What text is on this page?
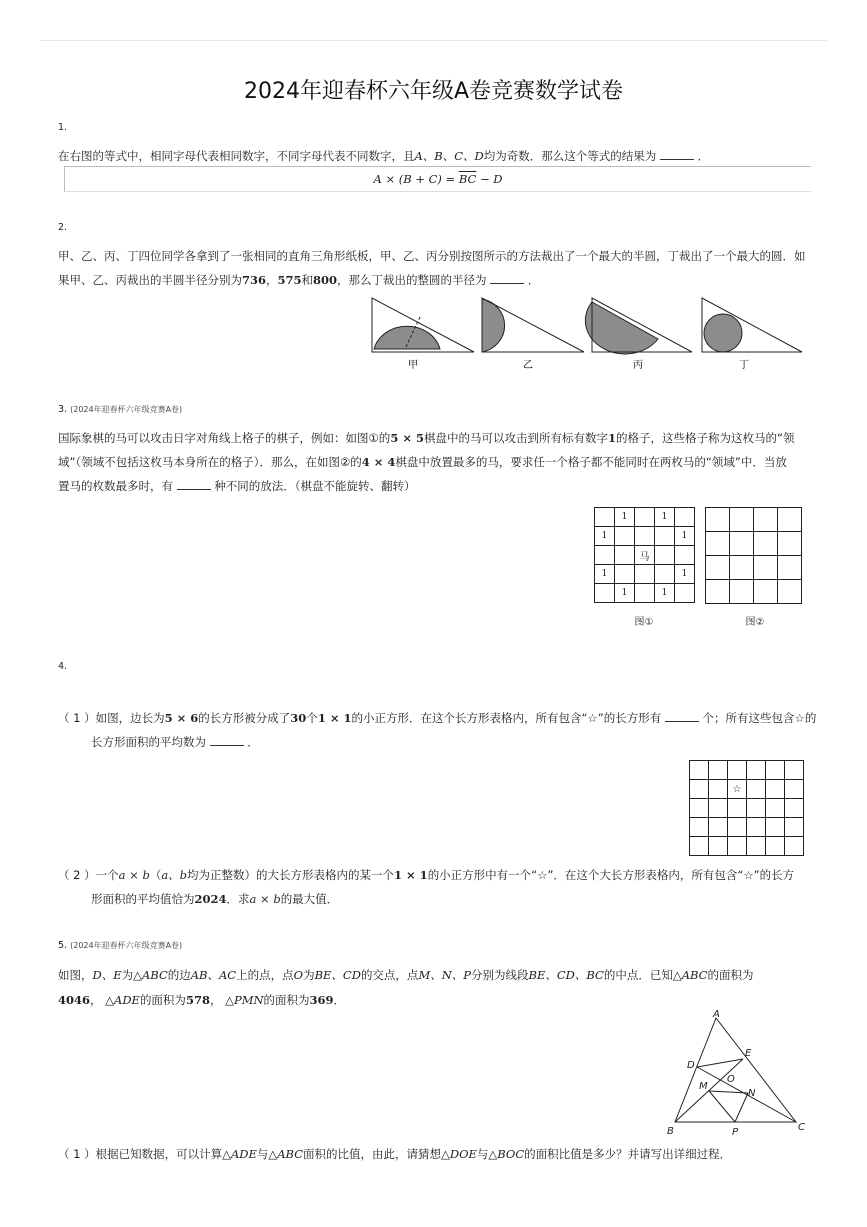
2024年迎春杯六年级A卷竞赛数学试卷
1.
在右图的等式中，相同字母代表相同数字，不同字母代表不同数字，且A、B、C、D均为奇数．那么这个等式的结果为	．
$A \times (B + C) = \overline{BC} - D$
2.
甲、乙、丙、丁四位同学各拿到了一张相同的直角三角形纸板，甲、乙、丙分别按图所示的方法裁出了一个最大的半圆，丁裁出了一个最大的圆．如
果甲、乙、丙裁出的半圆半径分别为736，575和800，那么丁裁出的整圆的半径为	．
甲	乙	丙	丁
3. (2024年迎春杯六年级竞赛A卷)
国际象棋的马可以攻击日字对角线上格子的棋子，例如：如图①的5 × 5棋盘中的马可以攻击到所有标有数字1的格子，这些格子称为这枚马的“领
域”（领域不包括这枚马本身所在的格子）．那么，在如图②的4 × 4棋盘中放置最多的马，要求任一个格子都不能同时在两枚马的“领域”中．当放
置马的枚数最多时，有	种不同的放法．（棋盘不能旋转、翻转）
	1		1	
1				1
		马		
1				1
	1		1	
图①

				图②
4.
（ 1 ）如图，边长为5 × 6的长方形被分成了30个1 × 1的小正方形．在这个长方形表格内，所有包含“☆”的长方形有	个；所有这些包含☆的
长方形面积的平均数为	．

		☆			

（ 2 ）一个a × b（a、b均为正整数）的大长方形表格内的某一个1 × 1的小正方形中有一个“☆”．在这个大长方形表格内，所有包含“☆”的长方
形面积的平均值恰为2024．求a × b的最大值．
5. (2024年迎春杯六年级竞赛A卷)
如图，D、E为△ABC的边AB、AC上的点，点O为BE、CD的交点，点M、N、P分别为线段BE、CD、BC的中点．已知△ABC的面积为
4046， △ADE的面积为578， △PMN的面积为369．
A
D
E
M
O
N
B	P	C
（ 1 ）根据已知数据，可以计算△ADE与△ABC面积的比值，由此，请猜想△DOE与△BOC的面积比值是多少？并请写出详细过程．
